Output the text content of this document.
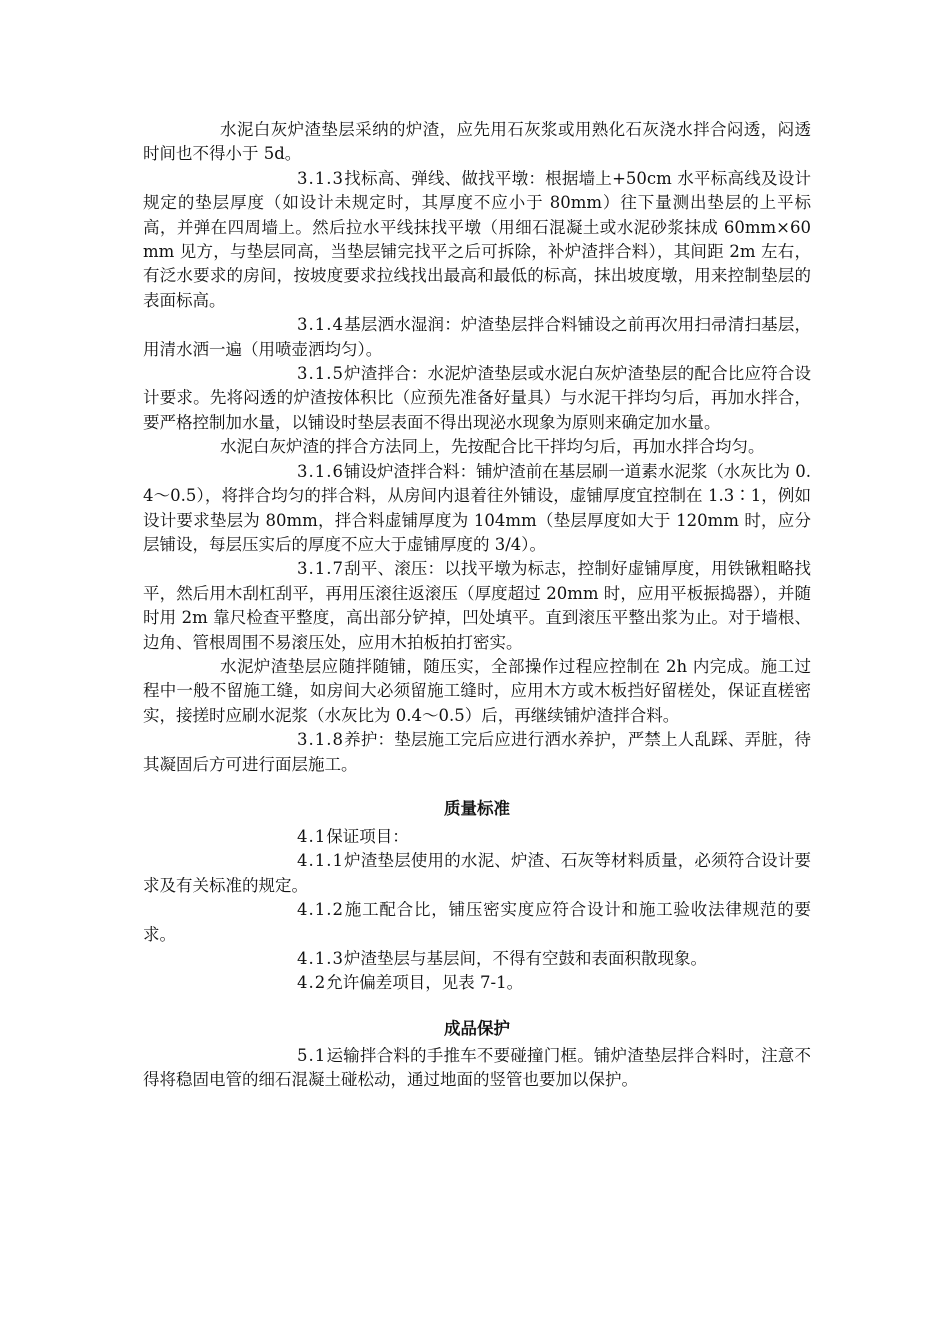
水泥白灰炉渣垫层采纳的炉渣，应先用石灰浆或用熟化石灰浇水拌合闷透，闷透时间也不得小于 5d。

3.1.3找标高、弹线、做找平墩：根据墙上+50cm 水平标高线及设计规定的垫层厚度（如设计未规定时，其厚度不应小于 80mm）往下量测出垫层的上平标高，并弹在四周墙上。然后拉水平线抹找平墩（用细石混凝土或水泥砂浆抹成 60mm×60mm 见方，与垫层同高，当垫层铺完找平之后可拆除，补炉渣拌合料），其间距 2m 左右，有泛水要求的房间，按坡度要求拉线找出最高和最低的标高，抹出坡度墩，用来控制垫层的表面标高。

3.1.4基层洒水湿润：炉渣垫层拌合料铺设之前再次用扫帚清扫基层，用清水洒一遍（用喷壶洒均匀）。

3.1.5炉渣拌合：水泥炉渣垫层或水泥白灰炉渣垫层的配合比应符合设计要求。先将闷透的炉渣按体积比（应预先准备好量具）与水泥干拌均匀后，再加水拌合，要严格控制加水量，以铺设时垫层表面不得出现泌水现象为原则来确定加水量。

水泥白灰炉渣的拌合方法同上，先按配合比干拌均匀后，再加水拌合均匀。

3.1.6铺设炉渣拌合料：铺炉渣前在基层刷一道素水泥浆（水灰比为 0.4～0.5），将拌合均匀的拌合料，从房间内退着往外铺设，虚铺厚度宜控制在 1.3∶1，例如设计要求垫层为 80mm，拌合料虚铺厚度为 104mm（垫层厚度如大于 120mm 时，应分层铺设，每层压实后的厚度不应大于虚铺厚度的 3/4）。

3.1.7刮平、滚压：以找平墩为标志，控制好虚铺厚度，用铁锹粗略找平，然后用木刮杠刮平，再用压滚往返滚压（厚度超过 20mm 时，应用平板振捣器），并随时用 2m 靠尺检查平整度，高出部分铲掉，凹处填平。直到滚压平整出浆为止。对于墙根、边角、管根周围不易滚压处，应用木拍板拍打密实。

水泥炉渣垫层应随拌随铺，随压实，全部操作过程应控制在 2h 内完成。施工过程中一般不留施工缝，如房间大必须留施工缝时，应用木方或木板挡好留槎处，保证直槎密实，接搓时应刷水泥浆（水灰比为 0.4～0.5）后，再继续铺炉渣拌合料。

3.1.8养护：垫层施工完后应进行洒水养护，严禁上人乱踩、弄脏，待其凝固后方可进行面层施工。

质量标准

4.1保证项目：

4.1.1炉渣垫层使用的水泥、炉渣、石灰等材料质量，必须符合设计要求及有关标准的规定。

4.1.2施工配合比，铺压密实度应符合设计和施工验收法律规范的要求。

4.1.3炉渣垫层与基层间，不得有空鼓和表面积散现象。

4.2允许偏差项目，见表 7-1。

成品保护

5.1运输拌合料的手推车不要碰撞门框。铺炉渣垫层拌合料时，注意不得将稳固电管的细石混凝土碰松动，通过地面的竖管也要加以保护。
